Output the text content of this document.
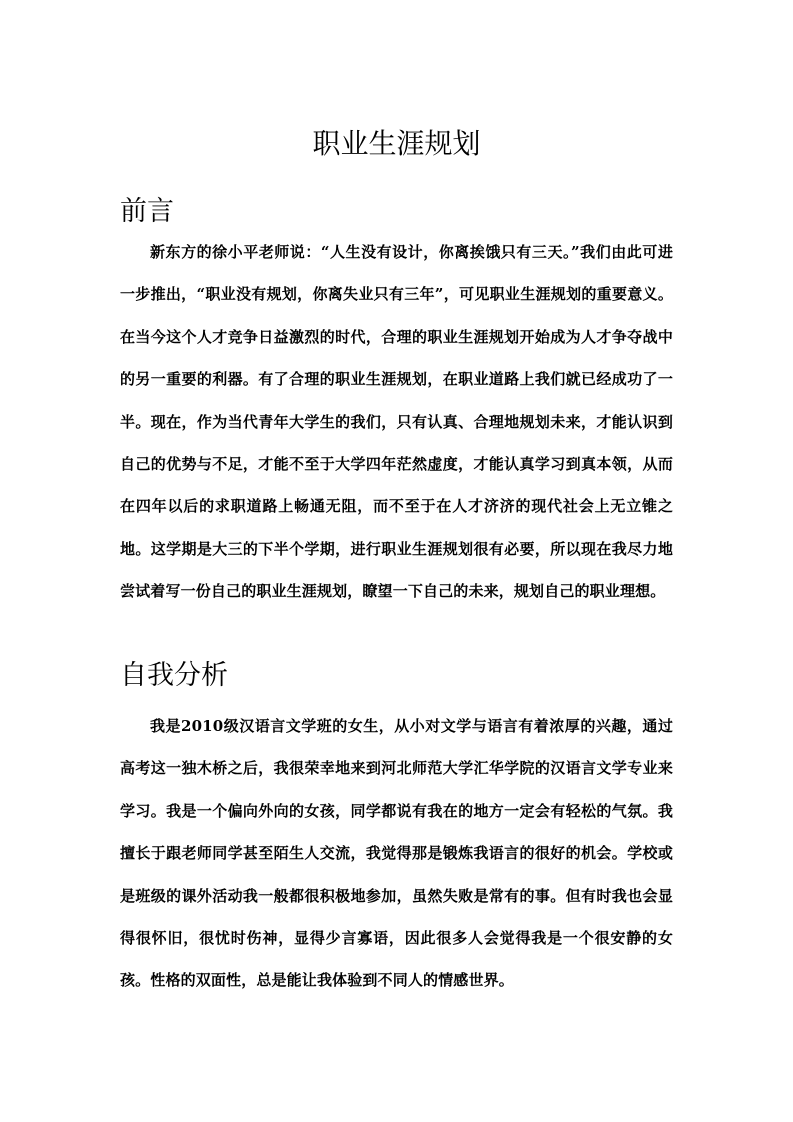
职业生涯规划
前言

新东方的徐小平老师说：“人生没有设计，你离挨饿只有三天。”我们由此可进一步推出，“职业没有规划，你离失业只有三年”，可见职业生涯规划的重要意义。在当今这个人才竞争日益激烈的时代，合理的职业生涯规划开始成为人才争夺战中的另一重要的利器。有了合理的职业生涯规划，在职业道路上我们就已经成功了一半。现在，作为当代青年大学生的我们，只有认真、合理地规划未来，才能认识到自己的优势与不足，才能不至于大学四年茫然虚度，才能认真学习到真本领，从而在四年以后的求职道路上畅通无阻，而不至于在人才济济的现代社会上无立锥之地。这学期是大三的下半个学期，进行职业生涯规划很有必要，所以现在我尽力地尝试着写一份自己的职业生涯规划，瞭望一下自己的未来，规划自己的职业理想。

自我分析

我是2010级汉语言文学班的女生，从小对文学与语言有着浓厚的兴趣，通过高考这一独木桥之后，我很荣幸地来到河北师范大学汇华学院的汉语言文学专业来学习。我是一个偏向外向的女孩，同学都说有我在的地方一定会有轻松的气氛。我擅长于跟老师同学甚至陌生人交流，我觉得那是锻炼我语言的很好的机会。学校或是班级的课外活动我一般都很积极地参加，虽然失败是常有的事。但有时我也会显得很怀旧，很忧时伤神，显得少言寡语，因此很多人会觉得我是一个很安静的女孩。性格的双面性，总是能让我体验到不同人的情感世界。
